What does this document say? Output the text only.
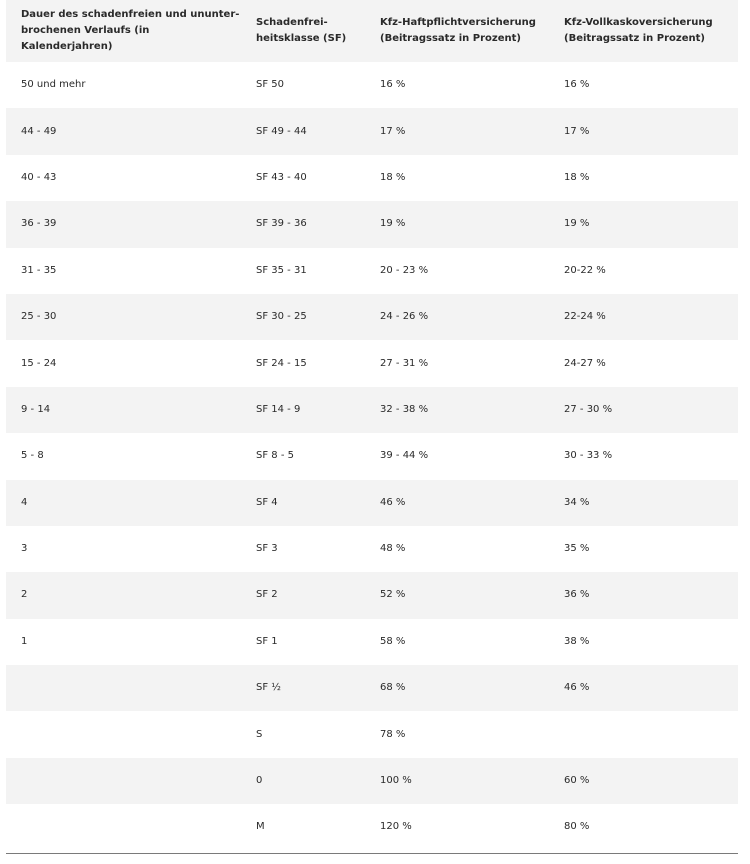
Dauer des schadenfreien und ununter-
brochenen Verlaufs (in Kalenderjahren)	Schadenfrei-
heitsklasse (SF)	Kfz-Haftpflichtversicherung
(Beitragssatz in Prozent)	Kfz-Vollkaskoversicherung
(Beitragssatz in Prozent)
50 und mehr	SF 50	16 %	16 %
44 - 49	SF 49 - 44	17 %	17 %
40 - 43	SF 43 - 40	18 %	18 %
36 - 39	SF 39 - 36	19 %	19 %
31 - 35	SF 35 - 31	20 - 23 %	20-22 %
25 - 30	SF 30 - 25	24 - 26 %	22-24 %
15 - 24	SF 24 - 15	27 - 31 %	24-27 %
9 - 14	SF 14 - 9	32 - 38 %	27 - 30 %
5 - 8	SF 8 - 5	39 - 44 %	30 - 33 %
4	SF 4	46 %	34 %
3	SF 3	48 %	35 %
2	SF 2	52 %	36 %
1	SF 1	58 %	38 %
	SF ½	68 %	46 %
	S	78 %	
	0	100 %	60 %
	M	120 %	80 %
